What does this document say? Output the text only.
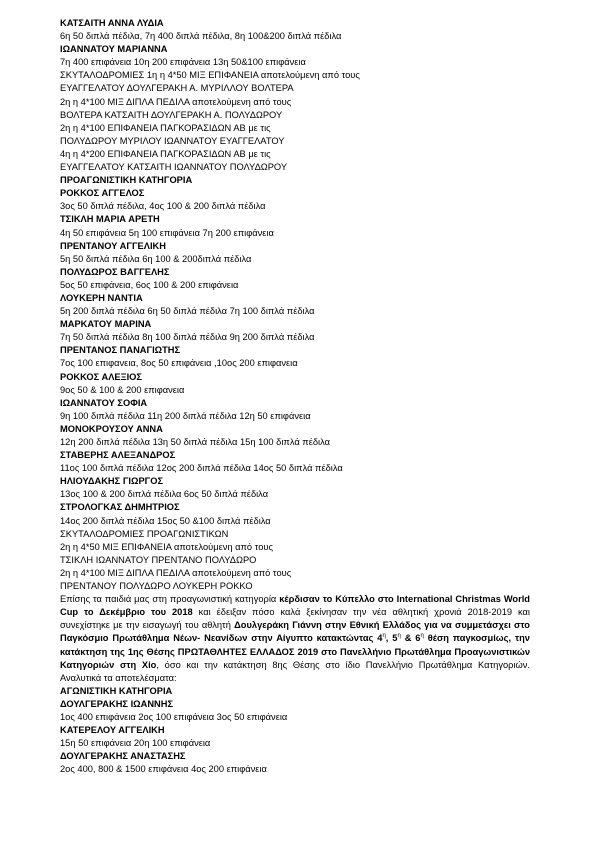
ΚΑΤΣΑΙΤΗ ΑΝΝΑ ΛΥΔΙΑ
6η 50 διπλά πέδιλα, 7η 400 διπλά πέδιλα, 8η 100&200 διπλά πέδιλα
ΙΩΑΝΝΑΤΟΥ ΜΑΡΙΑΝΝΑ
7η 400 επιφάνεια 10η 200 επιφάνεια 13η 50&100 επιφάνεια
ΣΚΥΤΑΛΟΔΡΟΜΙΕΣ 1η η 4*50 ΜΙΞ ΕΠΙΦΑΝΕΙΑ αποτελούμενη από τους
ΕΥΑΓΓΕΛΑΤΟΥ ΔΟΥΛΓΕΡΑΚΗ Α. ΜΥΡΙΛΛΟΥ ΒΟΛΤΕΡΑ
2η η 4*100 ΜΙΞ ΔΙΠΛΑ ΠΕΔΙΛΑ αποτελούμενη από τους
ΒΟΛΤΕΡΑ ΚΑΤΣΑΙΤΗ ΔΟΥΛΓΕΡΑΚΗ Α. ΠΟΛΥΔΩΡΟΥ
2η η 4*100 ΕΠΙΦΑΝΕΙΑ ΠΑΓΚΟΡΑΣΙΔΩΝ ΑΒ με τις
ΠΟΛΥΔΩΡΟΥ ΜΥΡΙΛΟΥ ΙΩΑΝΝΑΤΟΥ ΕΥΑΓΓΕΛΑΤΟΥ
4η η 4*200 ΕΠΙΦΑΝΕΙΑ ΠΑΓΚΟΡΑΣΙΔΩΝ ΑΒ με τις
ΕΥΑΓΓΕΛΑΤΟΥ ΚΑΤΣΑΙΤΗ ΙΩΑΝΝΑΤΟΥ ΠΟΛΥΔΩΡΟΥ
ΠΡΟΑΓΩΝΙΣΤΙΚΗ ΚΑΤΗΓΟΡΙΑ
ΡΟΚΚΟΣ ΑΓΓΕΛΟΣ
3ος 50 διπλά πέδιλα, 4ος 100 & 200 διπλά πέδιλα
ΤΣΙΚΛΗ ΜΑΡΙΑ ΑΡΕΤΗ
4η 50 επιφάνεια 5η 100 επιφάνεια 7η 200 επιφάνεια
ΠΡΕΝΤΑΝΟΥ ΑΓΓΕΛΙΚΗ
5η 50 διπλά πέδιλα 6η 100 & 200διπλά πέδιλα
ΠΟΛΥΔΩΡΟΣ ΒΑΓΓΕΛΗΣ
5ος 50 επιφάνεια, 6ος 100 & 200 επιφάνεια
ΛΟΥΚΕΡΗ ΝΑΝΤΙΑ
5η 200 διπλά πέδιλα 6η 50 διπλά πέδιλα 7η 100 διπλά πέδιλα
ΜΑΡΚΑΤΟΥ ΜΑΡΙΝΑ
7η 50 διπλά πέδιλα 8η 100 διπλά πέδιλα 9η 200 διπλά πέδιλα
ΠΡΕΝΤΑΝΟΣ ΠΑΝΑΓΙΩΤΗΣ
7ος 100 επιφανεια, 8ος 50 επιφάνεια ,10ος 200 επιφανεια
ΡΟΚΚΟΣ ΑΛΕΞΙΟΣ
9ος 50 & 100 & 200 επιφανεια
ΙΩΑΝΝΑΤΟΥ ΣΟΦΙΑ
9η 100 διπλά πέδιλα 11η 200 διπλά πέδιλα 12η 50 επιφάνεια
ΜΟΝΟΚΡΟΥΣΟΥ ΑΝΝΑ
12η 200 διπλά πέδιλα 13η 50 διπλά πέδιλα 15η 100 διπλά πέδιλα
ΣΤΑΒΕΡΗΣ ΑΛΕΞΑΝΔΡΟΣ
11ος 100 διπλά πέδιλα 12ος 200 διπλά πέδιλα 14ος 50 διπλά πέδιλα
ΗΛΙΟΥΔΑΚΗΣ ΓΙΩΡΓΟΣ
13ος 100 & 200 διπλά πέδιλα 6ος 50 διπλά πέδιλα
ΣΤΡΟΛΟΓΚΑΣ ΔΗΜΗΤΡΙΟΣ
14ος 200 διπλά πέδιλα 15ος 50 &100 διπλά πέδιλα
ΣΚΥΤΑΛΟΔΡΟΜΙΕΣ ΠΡΟΑΓΩΝΙΣΤΙΚΩΝ
2η η 4*50 ΜΙΞ ΕΠΙΦΑΝΕΙΑ αποτελούμενη από τους
ΤΣΙΚΛΗ ΙΩΑΝΝΑΤΟΥ ΠΡΕΝΤΑΝΟ ΠΟΛΥΔΩΡΟ
2η η 4*100 ΜΙΞ ΔΙΠΛΑ ΠΕΔΙΛΑ αποτελούμενη από τους
ΠΡΕΝΤΑΝΟΥ ΠΟΛΥΔΩΡΟ ΛΟΥΚΕΡΗ ΡΟΚΚΟ
Επίσης τα παιδιά μας στη προαγωνιστική κατηγορία κέρδισαν το Κύπελλο στο International Christmas World Cup το Δεκέμβριο του 2018 και έδειξαν πόσο καλά ξεκίνησαν την νέα αθλητική χρονιά 2018-2019 και συνεχίστηκε με την εισαγωγή του αθλητή Δουλγεράκη Γιάννη στην Εθνική Ελλάδος για να συμμετάσχει στο Παγκόσμιο Πρωτάθλημα Νέων- Νεανίδων στην Αίγυπτο κατακτώντας $4^\eta$, $5^\eta$ & $6^\eta$ θέση παγκοσμίως, την κατάκτηση της 1ης Θέσης ΠΡΩΤΑΘΛΗΤΕΣ ΕΛΛΑΔΟΣ 2019 στο Πανελλήνιο Πρωτάθλημα Προαγωνιστικών Κατηγοριών στη Χίο, όσο και την κατάκτηση 8ης Θέσης στο ίδιο Πανελλήνιο Πρωτάθλημα Κατηγοριών. Αναλυτικά τα αποτελέσματα:
ΑΓΩΝΙΣΤΙΚΗ ΚΑΤΗΓΟΡΙΑ
ΔΟΥΛΓΕΡΑΚΗΣ ΙΩΑΝΝΗΣ
1ος 400 επιφάνεια 2ος 100 επιφάνεια 3ος 50 επιφάνεια
ΚΑΤΕΡΕΛΟΥ ΑΓΓΕΛΙΚΗ
15η 50 επιφάνεια 20η 100 επιφάνεια
ΔΟΥΛΓΕΡΑΚΗΣ ΑΝΑΣΤΑΣΗΣ
2ος 400, 800 & 1500 επιφάνεια 4ος 200 επιφάνεια
